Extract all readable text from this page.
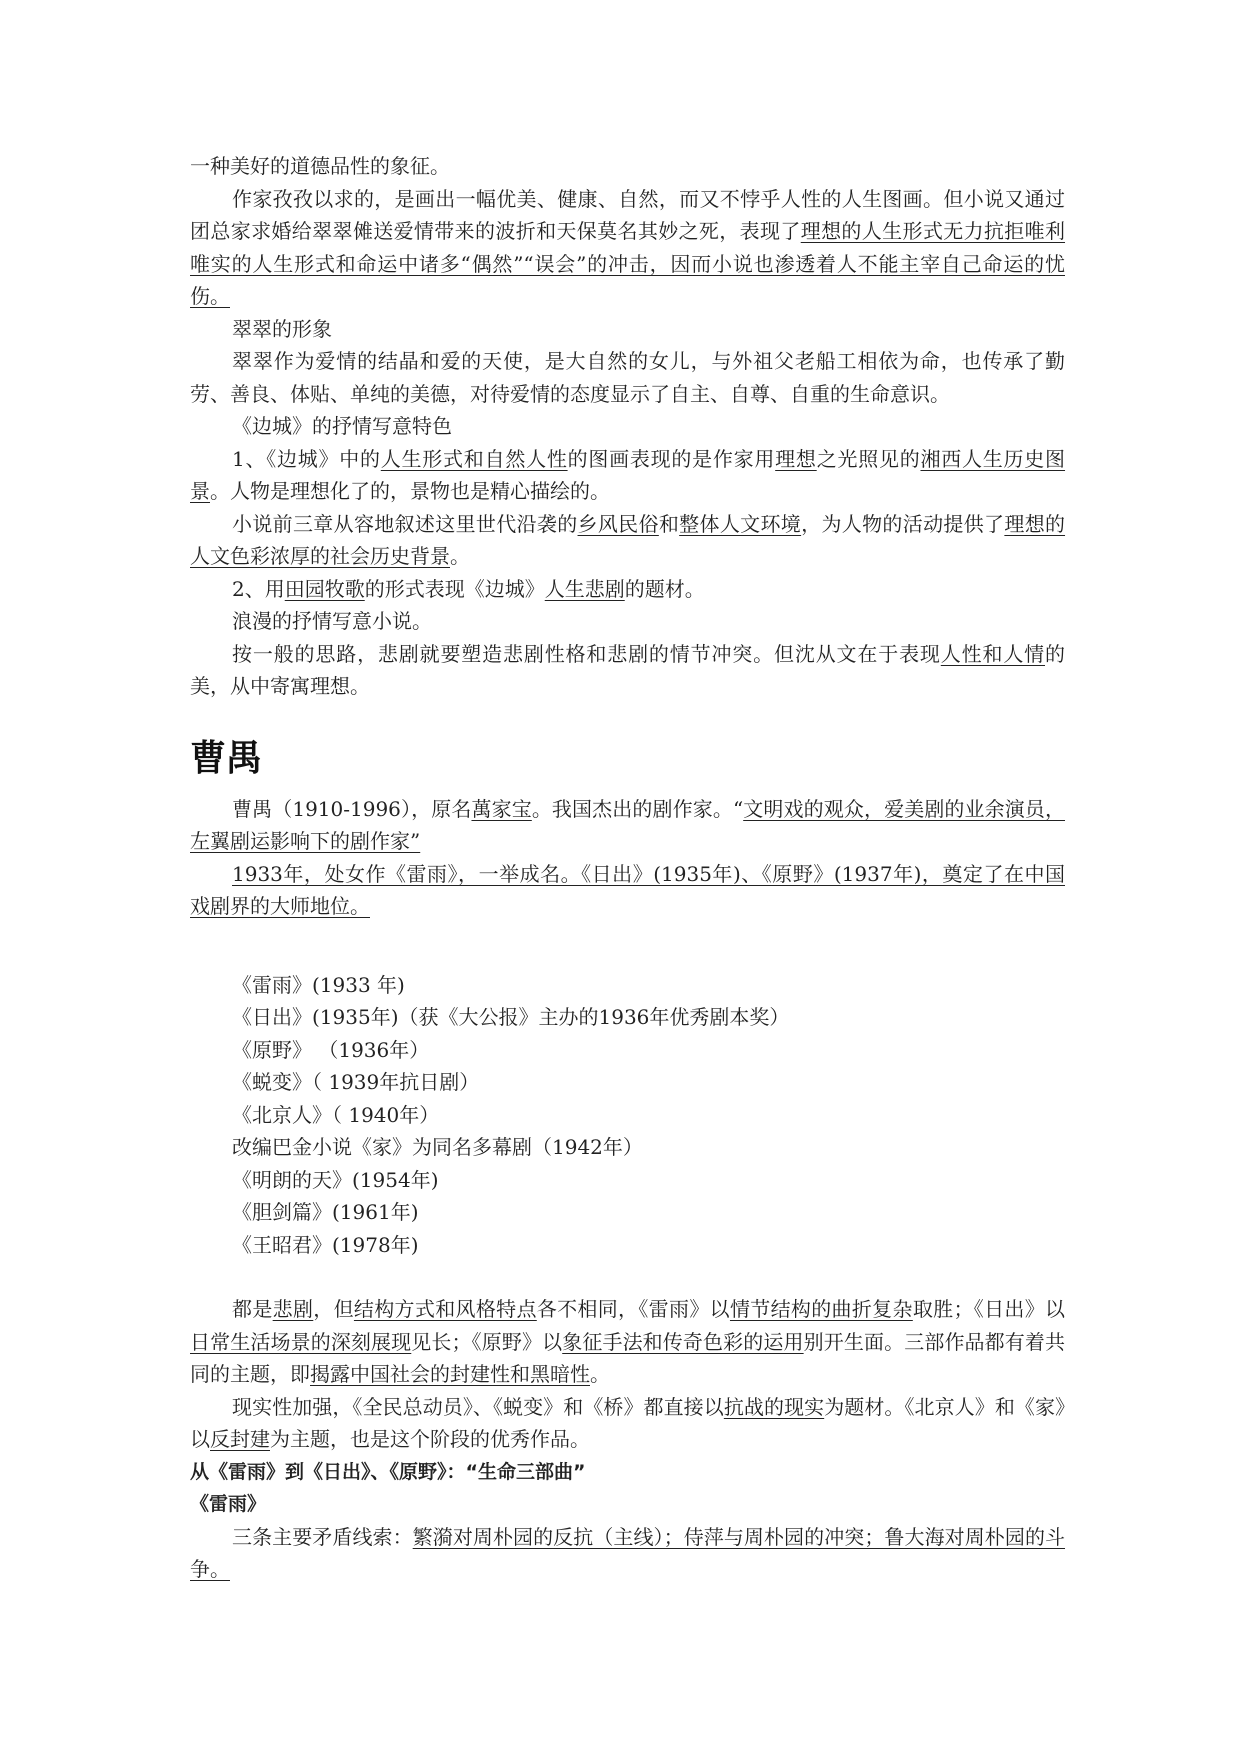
一种美好的道德品性的象征。

作家孜孜以求的，是画出一幅优美、健康、自然，而又不悖乎人性的人生图画。但小说又通过团总家求婚给翠翠傩送爱情带来的波折和天保莫名其妙之死，表现了理想的人生形式无力抗拒唯利唯实的人生形式和命运中诸多“偶然”“误会”的冲击，因而小说也渗透着人不能主宰自己命运的忧伤。

翠翠的形象

翠翠作为爱情的结晶和爱的天使，是大自然的女儿，与外祖父老船工相依为命，也传承了勤劳、善良、体贴、单纯的美德，对待爱情的态度显示了自主、自尊、自重的生命意识。

《边城》的抒情写意特色

1、《边城》中的人生形式和自然人性的图画表现的是作家用理想之光照见的湘西人生历史图景。人物是理想化了的，景物也是精心描绘的。

小说前三章从容地叙述这里世代沿袭的乡风民俗和整体人文环境，为人物的活动提供了理想的人文色彩浓厚的社会历史背景。

2、用田园牧歌的形式表现《边城》人生悲剧的题材。

浪漫的抒情写意小说。

按一般的思路，悲剧就要塑造悲剧性格和悲剧的情节冲突。但沈从文在于表现人性和人情的美，从中寄寓理想。

曹禺

曹禺（1910-1996），原名萬家宝。我国杰出的剧作家。“文明戏的观众，爱美剧的业余演员，左翼剧运影响下的剧作家”

1933年，处女作《雷雨》，一举成名。《日出》(1935年)、《原野》(1937年)，奠定了在中国戏剧界的大师地位。

《雷雨》(1933 年)
《日出》(1935年)（获《大公报》主办的1936年优秀剧本奖）
《原野》 （1936年）
《蜕变》（ 1939年抗日剧）
《北京人》（ 1940年）
改编巴金小说《家》为同名多幕剧（1942年）
《明朗的天》(1954年)
《胆剑篇》(1961年)
《王昭君》(1978年)

都是悲剧，但结构方式和风格特点各不相同，《雷雨》以情节结构的曲折复杂取胜；《日出》以日常生活场景的深刻展现见长；《原野》以象征手法和传奇色彩的运用别开生面。三部作品都有着共同的主题，即揭露中国社会的封建性和黑暗性。

现实性加强，《全民总动员》、《蜕变》和《桥》都直接以抗战的现实为题材。《北京人》和《家》以反封建为主题，也是这个阶段的优秀作品。

从《雷雨》到《日出》、《原野》：“生命三部曲”

《雷雨》

三条主要矛盾线索：繁漪对周朴园的反抗（主线）；侍萍与周朴园的冲突；鲁大海对周朴园的斗争。
